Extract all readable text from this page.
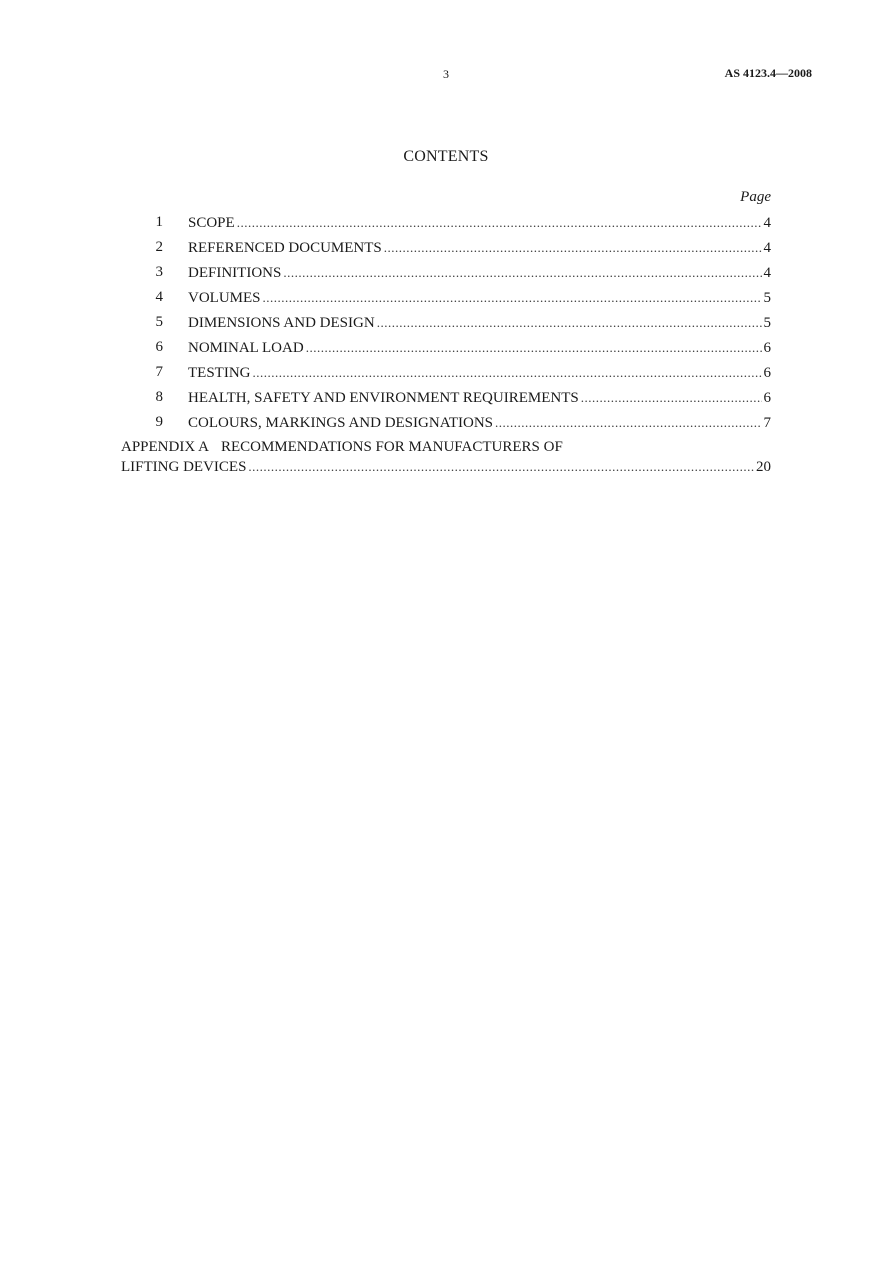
3	AS 4123.4—2008
CONTENTS
Page
1 SCOPE .....	4
2 REFERENCED DOCUMENTS .....	4
3 DEFINITIONS .....	4
4 VOLUMES .....	5
5 DIMENSIONS AND DESIGN .....	5
6 NOMINAL LOAD .....	6
7 TESTING .....	6
8 HEALTH, SAFETY AND ENVIRONMENT REQUIREMENTS .....	6
9 COLOURS, MARKINGS AND DESIGNATIONS .....	7
APPENDIX A RECOMMENDATIONS FOR MANUFACTURERS OF
LIFTING DEVICES .....	20
